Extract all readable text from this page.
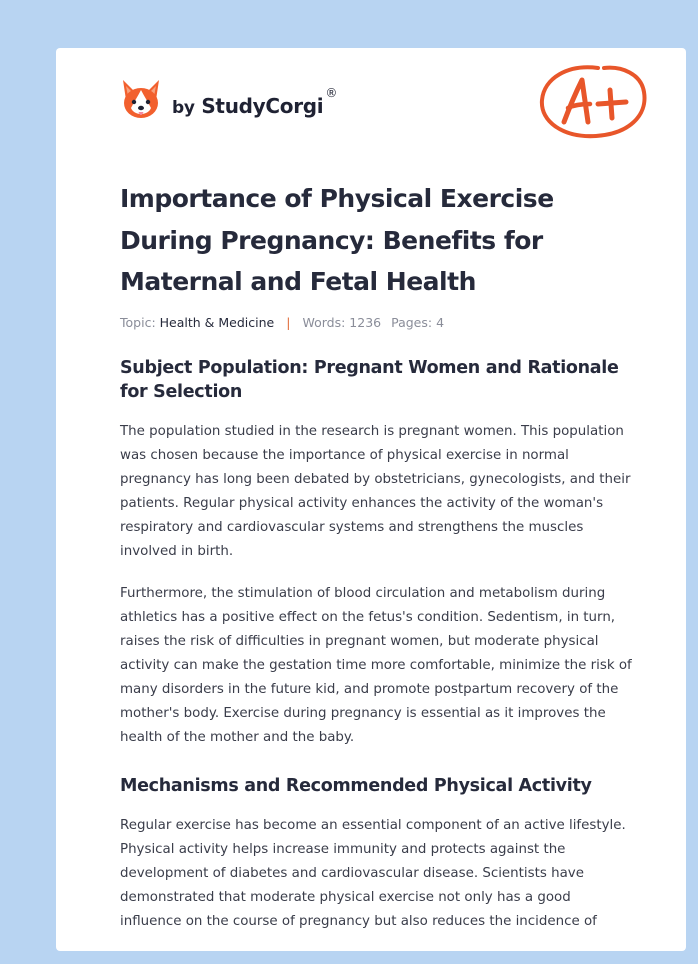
by StudyCorgi®
A+
Importance of Physical Exercise During Pregnancy: Benefits for Maternal and Fetal Health
Topic: Health & Medicine | Words: 1236 Pages: 4
Subject Population: Pregnant Women and Rationale for Selection

The population studied in the research is pregnant women. This population was chosen because the importance of physical exercise in normal pregnancy has long been debated by obstetricians, gynecologists, and their patients. Regular physical activity enhances the activity of the woman's respiratory and cardiovascular systems and strengthens the muscles involved in birth.

Furthermore, the stimulation of blood circulation and metabolism during athletics has a positive effect on the fetus's condition. Sedentism, in turn, raises the risk of difficulties in pregnant women, but moderate physical activity can make the gestation time more comfortable, minimize the risk of many disorders in the future kid, and promote postpartum recovery of the mother's body. Exercise during pregnancy is essential as it improves the health of the mother and the baby.

Mechanisms and Recommended Physical Activity

Regular exercise has become an essential component of an active lifestyle. Physical activity helps increase immunity and protects against the development of diabetes and cardiovascular disease. Scientists have demonstrated that moderate physical exercise not only has a good influence on the course of pregnancy but also reduces the incidence of
